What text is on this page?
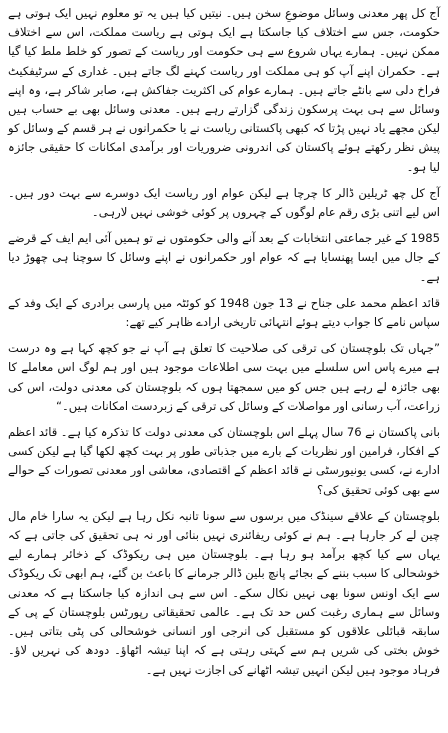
آج کل پھر معدنی وسائل موضوعِ سخن ہیں۔ نیتیں کیا ہیں یہ تو معلوم نہیں ایک ہوتی ہے حکومت، جس سے اختلاف کیا جاسکتا ہے ایک ہوتی ہے ریاست مملکت، اس سے اختلاف ممکن نہیں۔ ہمارے یہاں شروع سے ہی حکومت اور ریاست کے تصور کو خلط ملط کیا گیا ہے۔ حکمران اپنے آپ کو ہی مملکت اور ریاست کہنے لگ جاتے ہیں۔ غداری کے سرٹیفکیٹ فراخ دلی سے بانٹے جاتے ہیں۔ ہمارے عوام کی اکثریت جفاکش ہے، صابر شاکر ہے، وہ اپنے وسائل سے ہی بہت پرسکون زندگی گزارتے رہے ہیں۔ معدنی وسائل بھی بے حساب ہیں لیکن مجھے یاد نہیں پڑتا کہ کبھی پاکستانی ریاست نے یا حکمرانوں نے ہر قسم کے وسائل کو پیش نظر رکھتے ہوئے پاکستان کی اندرونی ضروریات اور برآمدی امکانات کا حقیقی جائزہ لیا ہو۔

آج کل چھ ٹریلین ڈالر کا چرچا ہے لیکن عوام اور ریاست ایک دوسرے سے بہت دور ہیں۔ اس لیے اتنی بڑی رقم عام لوگوں کے چہروں پر کوئی خوشی نہیں لارہی۔

1985 کے غیر جماعتی انتخابات کے بعد آنے والی حکومتوں نے تو ہمیں آئی ایم ایف کے قرضے کے جال میں ایسا پھنسایا ہے کہ عوام اور حکمرانوں نے اپنے وسائل کا سوچنا ہی چھوڑ دیا ہے۔

قائد اعظم محمد علی جناح نے 13 جون 1948 کو کوئٹہ میں پارسی برادری کے ایک وفد کے سپاس نامے کا جواب دیتے ہوئے انتہائی تاریخی ارادے ظاہر کیے تھے:

”جہاں تک بلوچستان کی ترقی کی صلاحیت کا تعلق ہے آپ نے جو کچھ کہا ہے وہ درست ہے میرے پاس اس سلسلے میں بہت سی اطلاعات موجود ہیں اور ہم لوگ اس معاملے کا بھی جائزہ لے رہے ہیں جس کو میں سمجھتا ہوں کہ بلوچستان کی معدنی دولت، اس کی زراعت، آب رسانی اور مواصلات کے وسائل کی ترقی کے زبردست امکانات ہیں۔“

بانی پاکستان نے 76 سال پہلے اس بلوچستان کی معدنی دولت کا تذکرہ کیا ہے۔ قائد اعظم کے افکار، فرامین اور نظریات کے بارے میں جذباتی طور پر بہت کچھ لکھا گیا ہے لیکن کسی ادارے نے، کسی یونیورسٹی نے قائد اعظم کے اقتصادی، معاشی اور معدنی تصورات کے حوالے سے بھی کوئی تحقیق کی؟

بلوچستان کے علاقے سینڈک میں برسوں سے سونا تانبہ نکل رہا ہے لیکن یہ سارا خام مال چین لے کر جارہا ہے۔ ہم نے کوئی ریفائنری نہیں بنائی اور نہ ہی تحقیق کی جاتی ہے کہ یہاں سے کیا کچھ برآمد ہو رہا ہے۔ بلوچستان میں ہی ریکوڈک کے ذخائر ہمارے لیے خوشحالی کا سبب بننے کے بجائے پانچ بلین ڈالر جرمانے کا باعث بن گئے، ہم ابھی تک ریکوڈک سے ایک اونس سونا بھی نہیں نکال سکے۔ اس سے ہی اندازہ کیا جاسکتا ہے کہ معدنی وسائل سے ہماری رغبت کس حد تک ہے۔ عالمی تحقیقاتی رپورٹس بلوچستان کے پی کے سابقہ قبائلی علاقوں کو مستقبل کی انرجی اور انسانی خوشحالی کی پٹی بتاتی ہیں۔ خوش بختی کی شریں ہم سے کہتی رہتی ہے کہ اپنا تیشہ اٹھاؤ۔ دودھ کی نہریں لاؤ۔ فرہاد موجود ہیں لیکن انہیں تیشہ اٹھانے کی اجازت نہیں ہے۔
